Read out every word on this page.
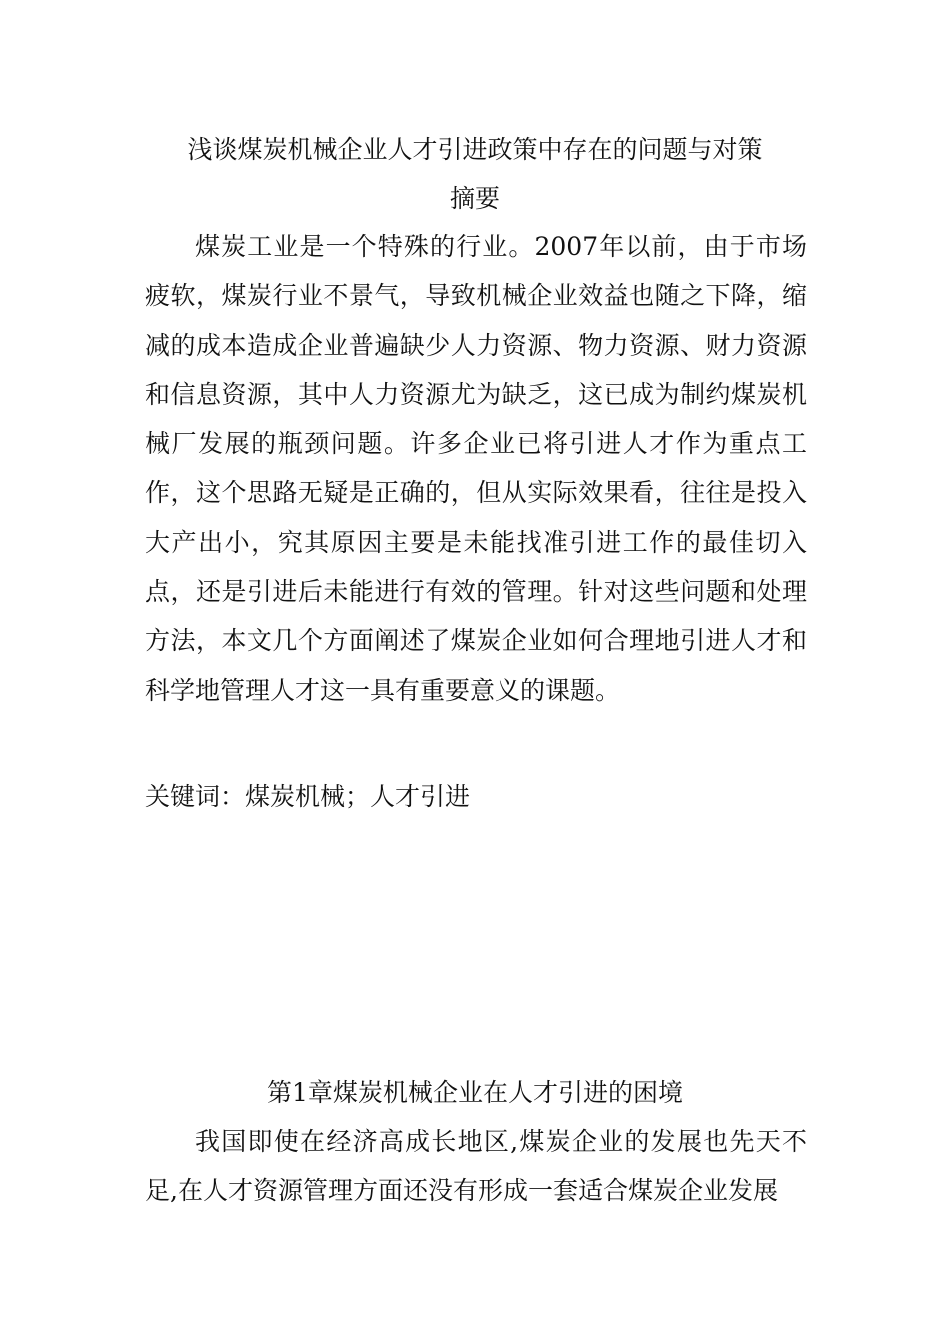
浅谈煤炭机械企业人才引进政策中存在的问题与对策
摘要

煤炭工业是一个特殊的行业。2007年以前，由于市场疲软，煤炭行业不景气，导致机械企业效益也随之下降，缩减的成本造成企业普遍缺少人力资源、物力资源、财力资源和信息资源，其中人力资源尤为缺乏，这已成为制约煤炭机械厂发展的瓶颈问题。许多企业已将引进人才作为重点工作，这个思路无疑是正确的，但从实际效果看，往往是投入大产出小，究其原因主要是未能找准引进工作的最佳切入点，还是引进后未能进行有效的管理。针对这些问题和处理方法，本文几个方面阐述了煤炭企业如何合理地引进人才和科学地管理人才这一具有重要意义的课题。

关键词：煤炭机械；人才引进
第1章煤炭机械企业在人才引进的困境

我国即使在经济高成长地区,煤炭企业的发展也先天不足,在人才资源管理方面还没有形成一套适合煤炭企业发展
